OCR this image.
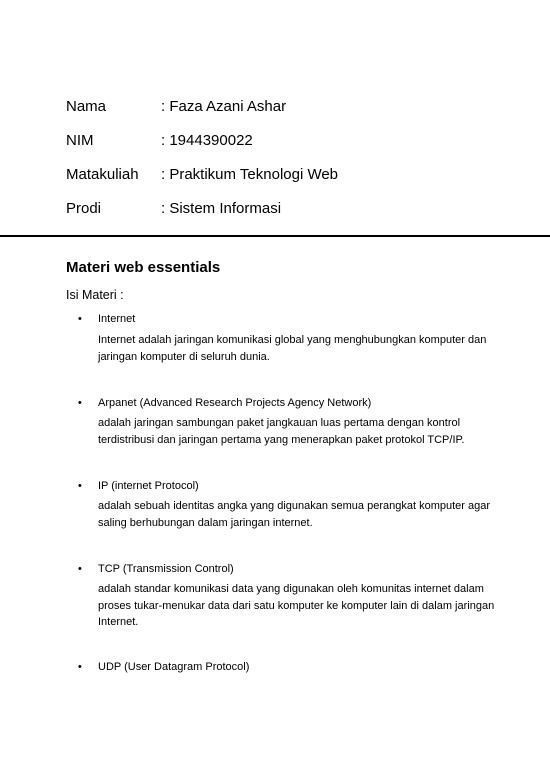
Nama	: Faza Azani Ashar
NIM	: 1944390022
Matakuliah : Praktikum Teknologi Web
Prodi	: Sistem Informasi
Materi web essentials
Isi Materi :
• Internet
Internet adalah jaringan komunikasi global yang menghubungkan komputer dan jaringan komputer di seluruh dunia.
• Arpanet (Advanced Research Projects Agency Network)
adalah jaringan sambungan paket jangkauan luas pertama dengan kontrol terdistribusi dan jaringan pertama yang menerapkan paket protokol TCP/IP.
• IP (internet Protocol)
adalah sebuah identitas angka yang digunakan semua perangkat komputer agar saling berhubungan dalam jaringan internet.
• TCP (Transmission Control)
adalah standar komunikasi data yang digunakan oleh komunitas internet dalam proses tukar-menukar data dari satu komputer ke komputer lain di dalam jaringan Internet.
• UDP (User Datagram Protocol)
